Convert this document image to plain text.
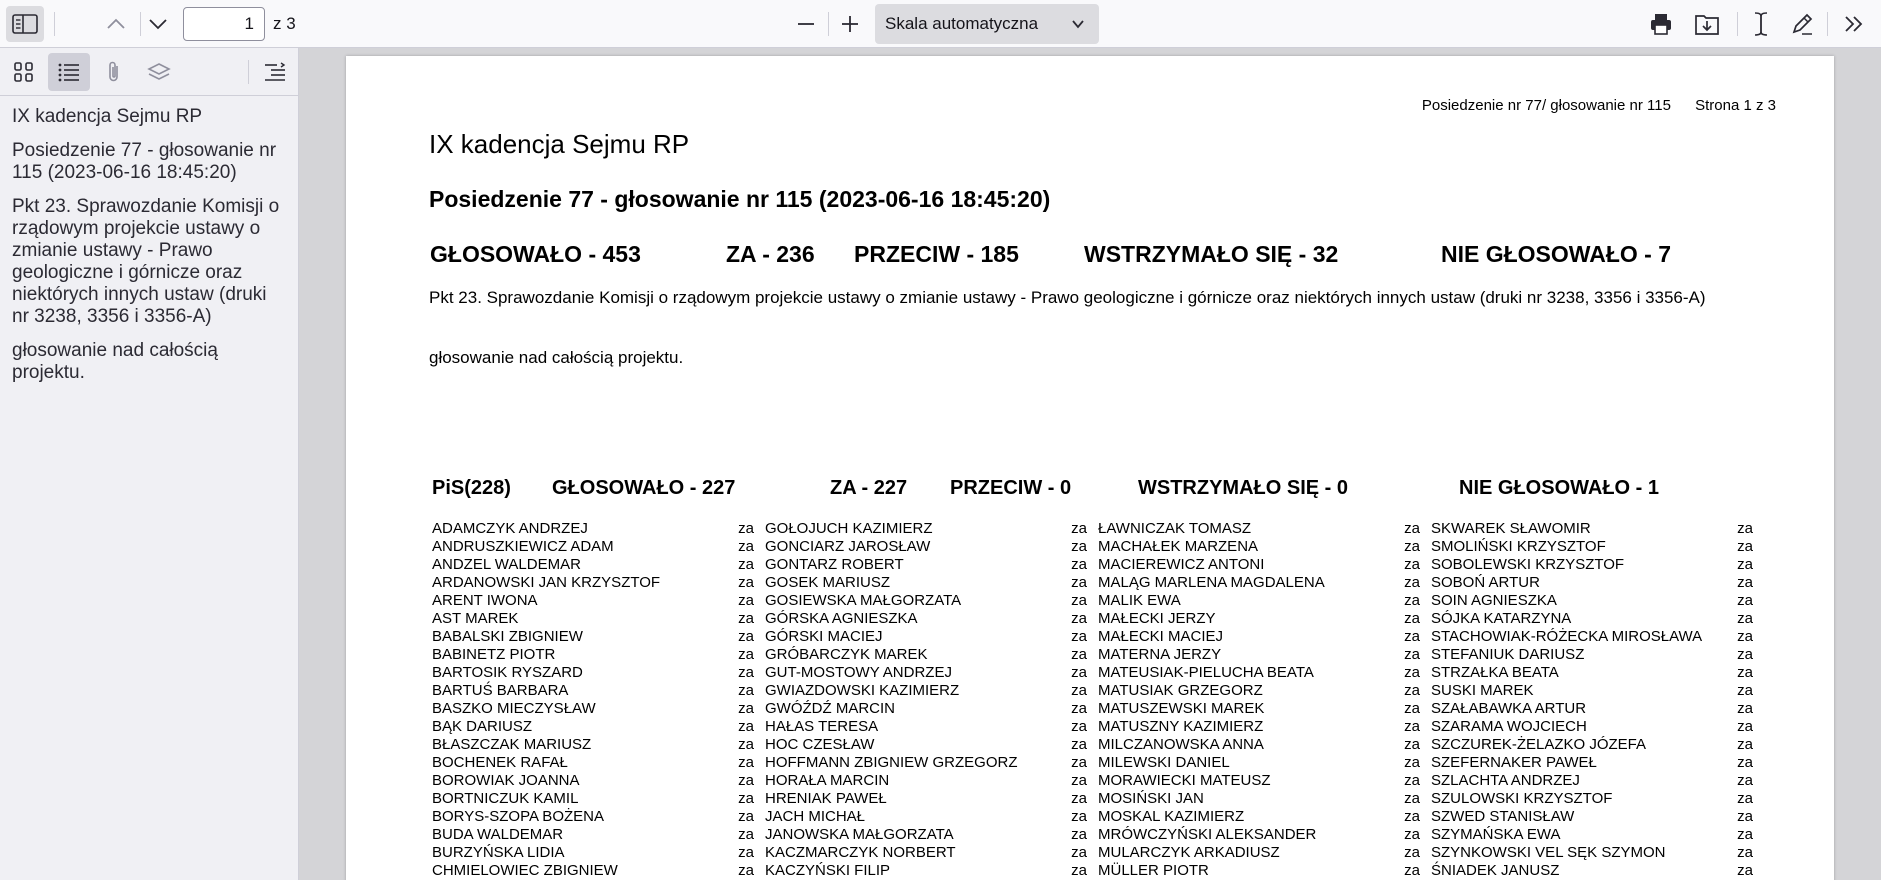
1
z 3	Skala automatyczna
IX kadencja Sejmu RP
Posiedzenie 77 - głosowanie nr 115 (2023-06-16 18:45:20)
Pkt 23. Sprawozdanie Komisji o rządowym projekcie ustawy o zmianie ustawy - Prawo geologiczne i górnicze oraz niektórych innych ustaw (druki nr 3238, 3356 i 3356-A)
głosowanie nad całością projektu.
Posiedzenie nr 77/ głosowanie nr 115 Strona 1 z 3
IX kadencja Sejmu RP
Posiedzenie 77 - głosowanie nr 115 (2023-06-16 18:45:20)
GŁOSOWAŁO - 453	ZA - 236 PRZECIW - 185	WSTRZYMAŁO SIĘ - 32	NIE GŁOSOWAŁO - 7
Pkt 23. Sprawozdanie Komisji o rządowym projekcie ustawy o zmianie ustawy - Prawo geologiczne i górnicze oraz niektórych innych ustaw (druki nr 3238, 3356 i 3356-A)
głosowanie nad całością projektu.
PiS(228) GŁOSOWAŁO - 227	ZA - 227 PRZECIW - 0	WSTRZYMAŁO SIĘ - 0	NIE GŁOSOWAŁO - 1
ADAMCZYK ANDRZEJ	za
ANDRUSZKIEWICZ ADAM	za
ANDZEL WALDEMAR	za
ARDANOWSKI JAN KRZYSZTOF	za
ARENT IWONA	za
AST MAREK	za
BABALSKI ZBIGNIEW	za
BABINETZ PIOTR	za
BARTOSIK RYSZARD	za
BARTUŚ BARBARA	za
BASZKO MIECZYSŁAW	za
BĄK DARIUSZ	za
BŁASZCZAK MARIUSZ	za
BOCHENEK RAFAŁ	za
BOROWIAK JOANNA	za
BORTNICZUK KAMIL	za
BORYS-SZOPA BOŻENA	za
BUDA WALDEMAR	za
BURZYŃSKA LIDIA	za
CHMIELOWIEC ZBIGNIEW	za
GOŁOJUCH KAZIMIERZ	za
GONCIARZ JAROSŁAW	za
GONTARZ ROBERT	za
GOSEK MARIUSZ	za
GOSIEWSKA MAŁGORZATA	za
GÓRSKA AGNIESZKA	za
GÓRSKI MACIEJ	za
GRÓBARCZYK MAREK	za
GUT-MOSTOWY ANDRZEJ	za
GWIAZDOWSKI KAZIMIERZ	za
GWÓŹDŹ MARCIN	za
HAŁAS TERESA	za
HOC CZESŁAW	za
HOFFMANN ZBIGNIEW GRZEGORZ	za
HORAŁA MARCIN	za
HRENIAK PAWEŁ	za
JACH MICHAŁ	za
JANOWSKA MAŁGORZATA	za
KACZMARCZYK NORBERT	za
KACZYŃSKI FILIP	za
ŁAWNICZAK TOMASZ	za
MACHAŁEK MARZENA	za
MACIEREWICZ ANTONI	za
MALĄG MARLENA MAGDALENA	za
MALIK EWA	za
MAŁECKI JERZY	za
MAŁECKI MACIEJ	za
MATERNA JERZY	za
MATEUSIAK-PIELUCHA BEATA	za
MATUSIAK GRZEGORZ	za
MATUSZEWSKI MAREK	za
MATUSZNY KAZIMIERZ	za
MILCZANOWSKA ANNA	za
MILEWSKI DANIEL	za
MORAWIECKI MATEUSZ	za
MOSIŃSKI JAN	za
MOSKAL KAZIMIERZ	za
MRÓWCZYŃSKI ALEKSANDER	za
MULARCZYK ARKADIUSZ	za
MÜLLER PIOTR	za
SKWAREK SŁAWOMIR	za
SMOLIŃSKI KRZYSZTOF	za
SOBOLEWSKI KRZYSZTOF	za
SOBOŃ ARTUR	za
SOIN AGNIESZKA	za
SÓJKA KATARZYNA	za
STACHOWIAK-RÓŻECKA MIROSŁAWA za
STEFANIUK DARIUSZ	za
STRZAŁKA BEATA	za
SUSKI MAREK	za
SZAŁABAWKA ARTUR	za
SZARAMA WOJCIECH	za
SZCZUREK-ŻELAZKO JÓZEFA	za
SZEFERNAKER PAWEŁ	za
SZLACHTA ANDRZEJ	za
SZULOWSKI KRZYSZTOF	za
SZWED STANISŁAW	za
SZYMAŃSKA EWA	za
SZYNKOWSKI VEL SĘK SZYMON	za
ŚNIADEK JANUSZ	za
